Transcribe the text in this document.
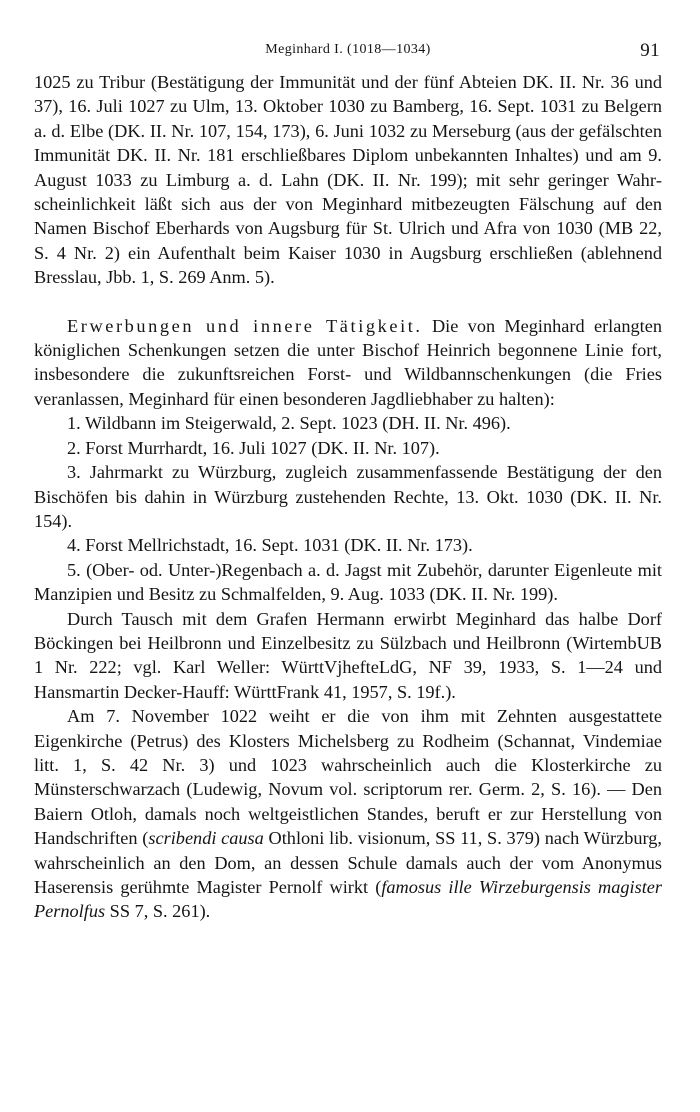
Meginhard I. (1018—1034)	91

1025 zu Tribur (Bestätigung der Immunität und der fünf Abteien DK. II. Nr. 36 und 37), 16. Juli 1027 zu Ulm, 13. Oktober 1030 zu Bamberg, 16. Sept. 1031 zu Belgern a. d. Elbe (DK. II. Nr. 107, 154, 173), 6. Juni 1032 zu Merseburg (aus der gefälschten Immunität DK. II. Nr. 181 erschließbares Diplom unbekannten Inhaltes) und am 9. August 1033 zu Limburg a. d. Lahn (DK. II. Nr. 199); mit sehr geringer Wahrscheinlichkeit läßt sich aus der von Meginhard mitbezeugten Fälschung auf den Namen Bischof Eberhards von Augsburg für St. Ulrich und Afra von 1030 (MB 22, S. 4 Nr. 2) ein Aufenthalt beim Kaiser 1030 in Augsburg erschließen (ablehnend Bresslau, Jbb. 1, S. 269 Anm. 5).

Erwerbungen und innere Tätigkeit. Die von Meginhard erlangten königlichen Schenkungen setzen die unter Bischof Heinrich begonnene Linie fort, insbesondere die zukunftsreichen Forst- und Wildbannschenkungen (die Fries veranlassen, Meginhard für einen besonderen Jagdliebhaber zu halten):

1. Wildbann im Steigerwald, 2. Sept. 1023 (DH. II. Nr. 496).

2. Forst Murrhardt, 16. Juli 1027 (DK. II. Nr. 107).

3. Jahrmarkt zu Würzburg, zugleich zusammenfassende Bestätigung der den Bischöfen bis dahin in Würzburg zustehenden Rechte, 13. Okt. 1030 (DK. II. Nr. 154).

4. Forst Mellrichstadt, 16. Sept. 1031 (DK. II. Nr. 173).

5. (Ober- od. Unter-)Regenbach a. d. Jagst mit Zubehör, darunter Eigenleute mit Manzipien und Besitz zu Schmalfelden, 9. Aug. 1033 (DK. II. Nr. 199).

Durch Tausch mit dem Grafen Hermann erwirbt Meginhard das halbe Dorf Böckingen bei Heilbronn und Einzelbesitz zu Sülzbach und Heilbronn (WirtembUB 1 Nr. 222; vgl. Karl Weller: WürttVjhefteLdG, NF 39, 1933, S. 1—24 und Hansmartin Decker-Hauff: WürttFrank 41, 1957, S. 19f.).

Am 7. November 1022 weiht er die von ihm mit Zehnten ausgestattete Eigenkirche (Petrus) des Klosters Michelsberg zu Rodheim (Schannat, Vindemiae litt. 1, S. 42 Nr. 3) und 1023 wahrscheinlich auch die Klosterkirche zu Münsterschwarzach (Ludewig, Novum vol. scriptorum rer. Germ. 2, S. 16). — Den Baiern Otloh, damals noch weltgeistlichen Standes, beruft er zur Herstellung von Handschriften (scribendi causa Othloni lib. visionum, SS 11, S. 379) nach Würzburg, wahrscheinlich an den Dom, an dessen Schule damals auch der vom Anonymus Haserensis gerühmte Magister Pernolf wirkt (famosus ille Wirzeburgensis magister Pernolfus SS 7, S. 261).
